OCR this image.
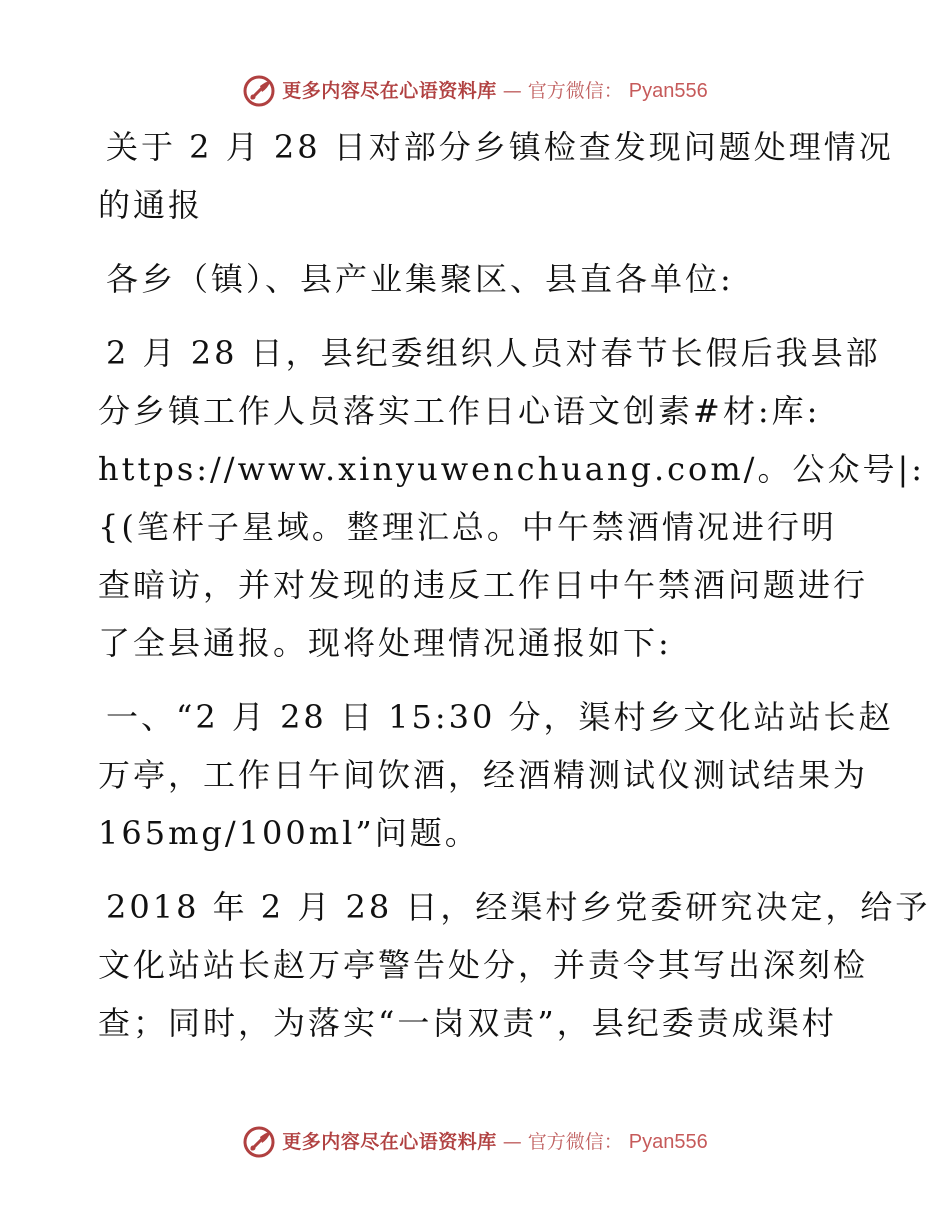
更多内容尽在心语资料库 — 官方微信： Pyan556
关于 2 月 28 日对部分乡镇检查发现问题处理情况
的通报
各乡（镇）、县产业集聚区、县直各单位:
2 月 28 日，县纪委组织人员对春节长假后我县部
分乡镇工作人员落实工作日心语文创素#材:库:
https://www.xinyuwenchuang.com/。公众号|:
{(笔杆子星域。整理汇总。中午禁酒情况进行明
查暗访，并对发现的违反工作日中午禁酒问题进行
了全县通报。现将处理情况通报如下:
一、“2 月 28 日 15:30 分，渠村乡文化站站长赵
万亭，工作日午间饮酒，经酒精测试仪测试结果为
165mg/100ml”问题。
2018 年 2 月 28 日，经渠村乡党委研究决定，给予
文化站站长赵万亭警告处分，并责令其写出深刻检
查；同时，为落实“一岗双责”，县纪委责成渠村
更多内容尽在心语资料库 — 官方微信： Pyan556
